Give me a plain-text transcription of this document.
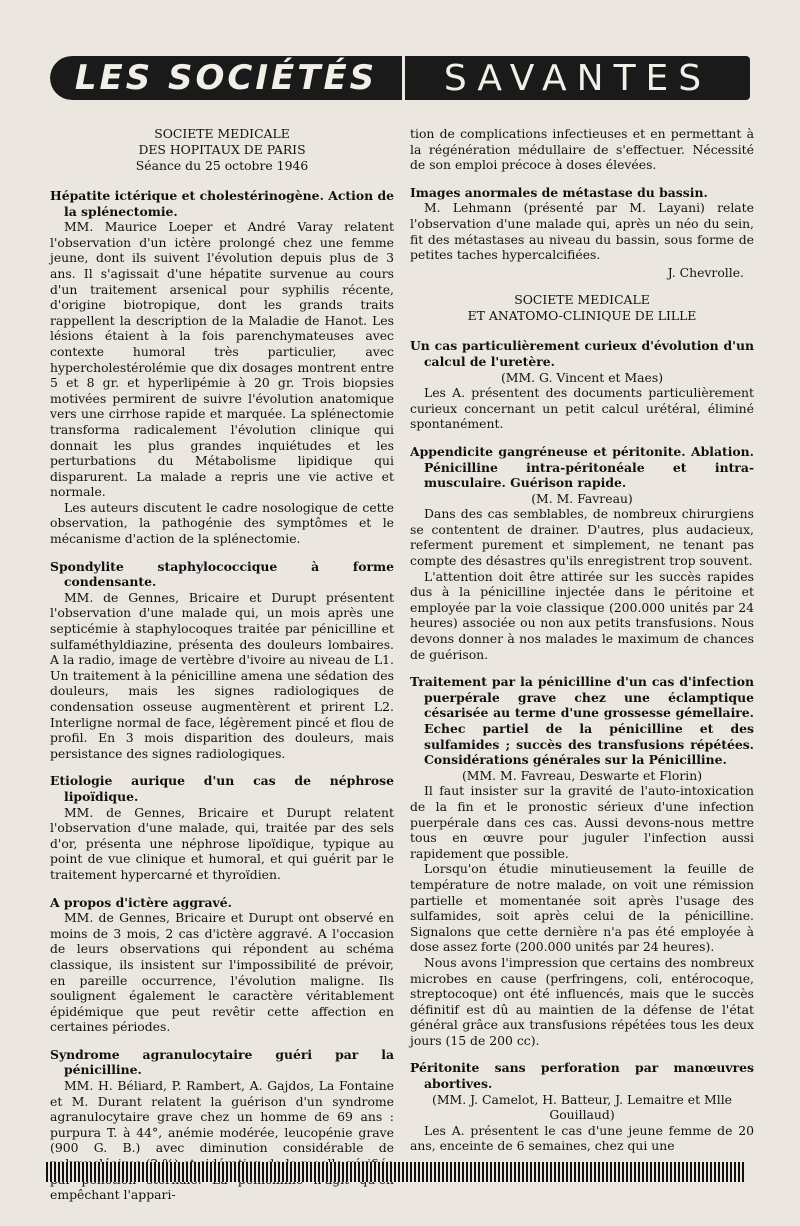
LES SOCIÉTÉS	SAVANTES
SOCIETE MEDICALE
DES HOPITAUX DE PARIS
Séance du 25 octobre 1946
Hépatite ictérique et cholestérinogène. Action de la splénectomie.

MM. Maurice Loeper et André Varay relatent l'observation d'un ictère prolongé chez une femme jeune, dont ils suivent l'évolution depuis plus de 3 ans. Il s'agissait d'une hépatite survenue au cours d'un traitement arsenical pour syphilis récente, d'origine biotropique, dont les grands traits rappellent la description de la Maladie de Hanot. Les lésions étaient à la fois parenchymateuses avec contexte humoral très particulier, avec hypercholestérolémie que dix dosages montrent entre 5 et 8 gr. et hyperlipémie à 20 gr. Trois biopsies motivées permirent de suivre l'évolution anatomique vers une cirrhose rapide et marquée. La splénectomie transforma radicalement l'évolution clinique qui donnait les plus grandes inquiétudes et les perturbations du Métabolisme lipidique qui disparurent. La malade a repris une vie active et normale.

Les auteurs discutent le cadre nosologique de cette observation, la pathogénie des symptômes et le mécanisme d'action de la splénectomie.

Spondylite staphylococcique à forme condensante.

MM. de Gennes, Bricaire et Durupt présentent l'observation d'une malade qui, un mois après une septicémie à staphylocoques traitée par pénicilline et sulfaméthyldiazine, présenta des douleurs lombaires. A la radio, image de vertèbre d'ivoire au niveau de L1. Un traitement à la pénicilline amena une sédation des douleurs, mais les signes radiologiques de condensation osseuse augmentèrent et prirent L2. Interligne normal de face, légèrement pincé et flou de profil. En 3 mois disparition des douleurs, mais persistance des signes radiologiques.

Etiologie aurique d'un cas de néphrose lipoïdique.

MM. de Gennes, Bricaire et Durupt relatent l'observation d'une malade, qui, traitée par des sels d'or, présenta une néphrose lipoïdique, typique au point de vue clinique et humoral, et qui guérit par le traitement hypercarné et thyroïdien.

A propos d'ictère aggravé.

MM. de Gennes, Bricaire et Durupt ont observé en moins de 3 mois, 2 cas d'ictère aggravé. A l'occasion de leurs observations qui répondent au schéma classique, ils insistent sur l'impossibilité de prévoir, en pareille occurrence, l'évolution maligne. Ils soulignent également le caractère véritablement épidémique que peut revêtir cette affection en certaines périodes.

Syndrome agranulocytaire guéri par la pénicilline.

MM. H. Béliard, P. Rambert, A. Gajdos, La Fontaine et M. Durant relatent la guérison d'un syndrome agranulocytaire grave chez un homme de 69 ans : purpura T. à 44°, anémie modérée, leucopénie grave (900 G. B.) avec diminution considérable de empêchant l'appari-

tion de complications infectieuses et en permettant à la régénération médullaire de s'effectuer. Nécessité de son emploi précoce à doses élevées.

Images anormales de métastase du bassin.

M. Lehmann (présenté par M. Layani) relate l'observation d'une malade qui, après un néo du sein, fit des métastases au niveau du bassin, sous forme de petites taches hypercalcifiées.

J. Chevrolle.
SOCIETE MEDICALE
ET ANATOMO-CLINIQUE DE LILLE
Un cas particulièrement curieux d'évolution d'un calcul de l'uretère.
(MM. G. Vincent et Maes)

Les A. présentent des documents particulièrement curieux concernant un petit calcul urétéral, éliminé spontanément.

Appendicite gangréneuse et péritonite. Ablation. Pénicilline intra-péritonéale et intra-musculaire. Guérison rapide.
(M. M. Favreau)

Dans des cas semblables, de nombreux chirurgiens se contentent de drainer. D'autres, plus audacieux, referment purement et simplement, ne tenant pas compte des désastres qu'ils enregistrent trop souvent.

L'attention doit être attirée sur les succès rapides dus à la pénicilline injectée dans le péritoine et employée par la voie classique (200.000 unités par 24 heures) associée ou non aux petits transfusions. Nous devons donner à nos malades le maximum de chances de guérison.

Traitement par la pénicilline d'un cas d'infection puerpérale grave chez une éclamptique césarisée au terme d'une grossesse gémellaire. Echec partiel de la pénicilline et des sulfamides ; succès des transfusions répétées. Considérations générales sur la Pénicilline.
(MM. M. Favreau, Deswarte et Florin)

Il faut insister sur la gravité de l'auto-intoxication de la fin et le pronostic sérieux d'une infection puerpérale dans ces cas. Aussi devons-nous mettre tous en œuvre pour juguler l'infection aussi rapidement que possible.

Lorsqu'on étudie minutieusement la feuille de température de notre malade, on voit une rémission partielle et momentanée soit après l'usage des sulfamides, soit après celui de la pénicilline. Signalons que cette dernière n'a pas été employée à dose assez forte (200.000 unités par 24 heures).

Nous avons l'impression que certains des nombreux microbes en cause (perfringens, coli, entérocoque, streptocoque) ont été influencés, mais que le succès définitif est dû au maintien de la défense de l'état général grâce aux transfusions répétées tous les deux jours (15 de 200 cc).

Péritonite sans perforation par manœuvres abortives.
(MM. J. Camelot, H. Batteur, J. Lemaitre et Mlle Gouillaud)

Les A. présentent le cas d'une jeune femme de 20 ans, enceinte de 6 semaines, chez qui une
